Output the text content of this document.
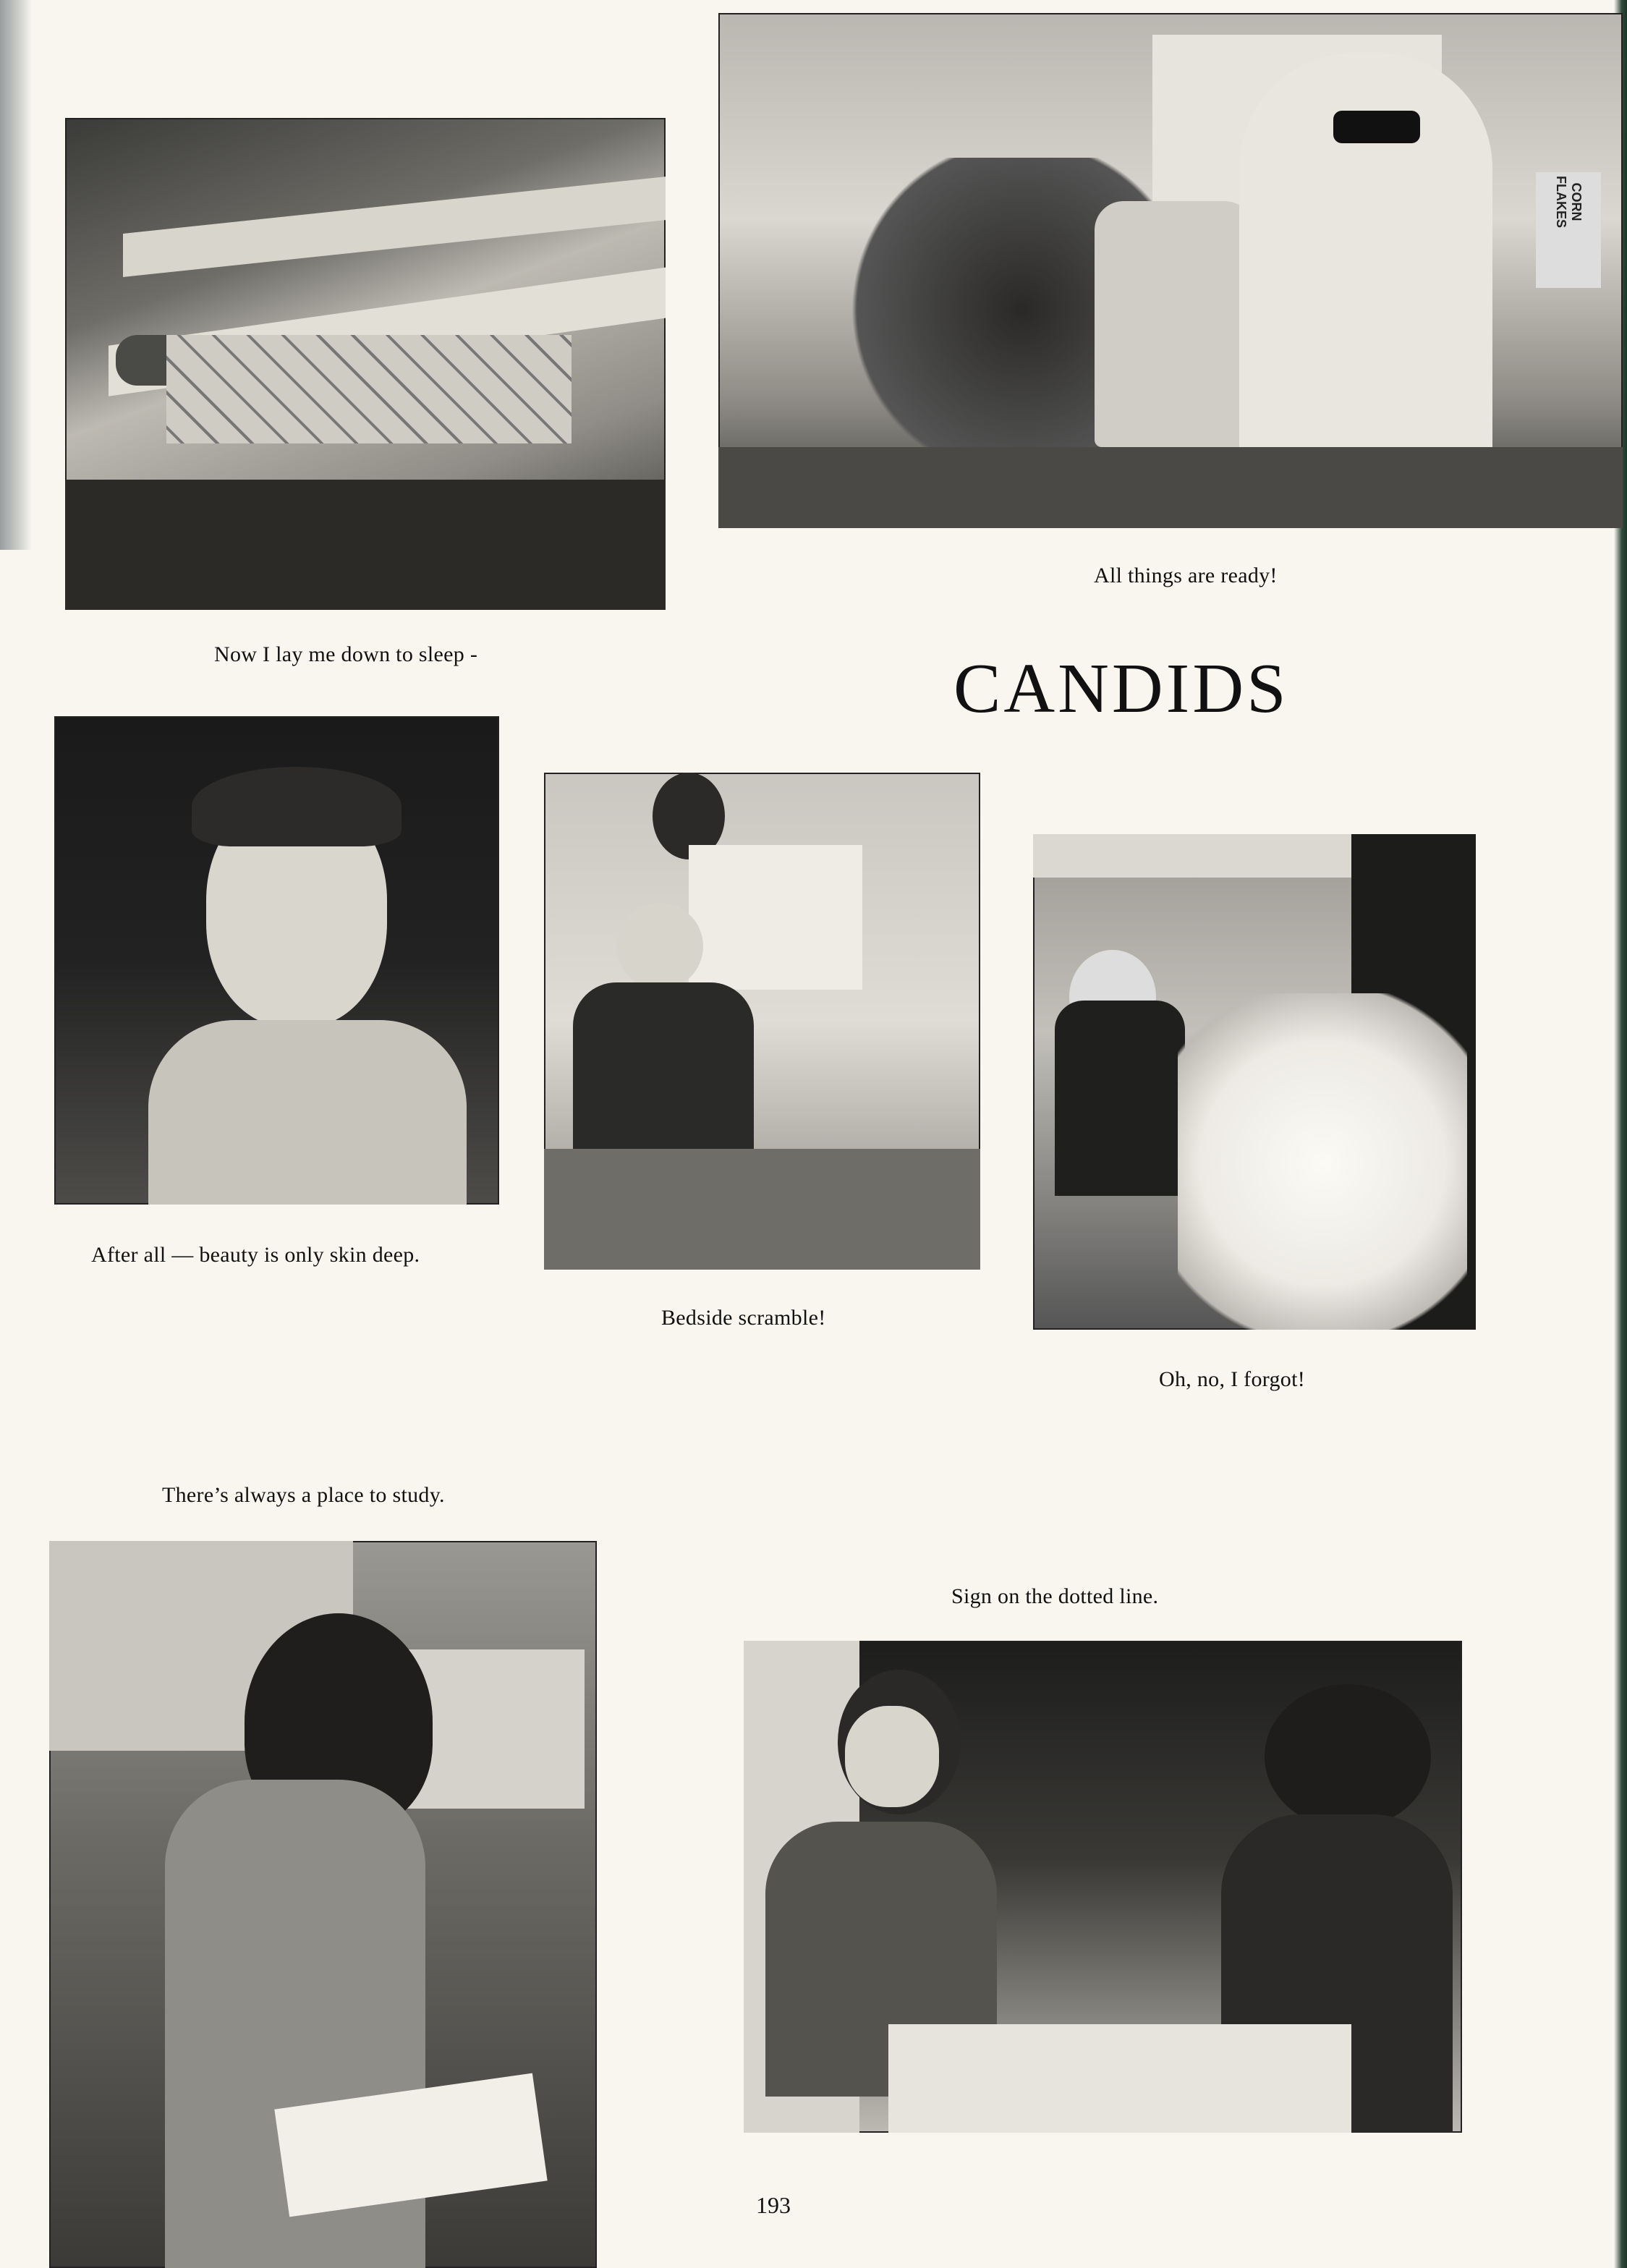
Now I lay me down to sleep -
CORN FLAKES
All things are ready!
CANDIDS
After all — beauty is only skin deep.
Bedside scramble!
Oh, no, I forgot!
There’s always a place to study.
Sign on the dotted line.
193
